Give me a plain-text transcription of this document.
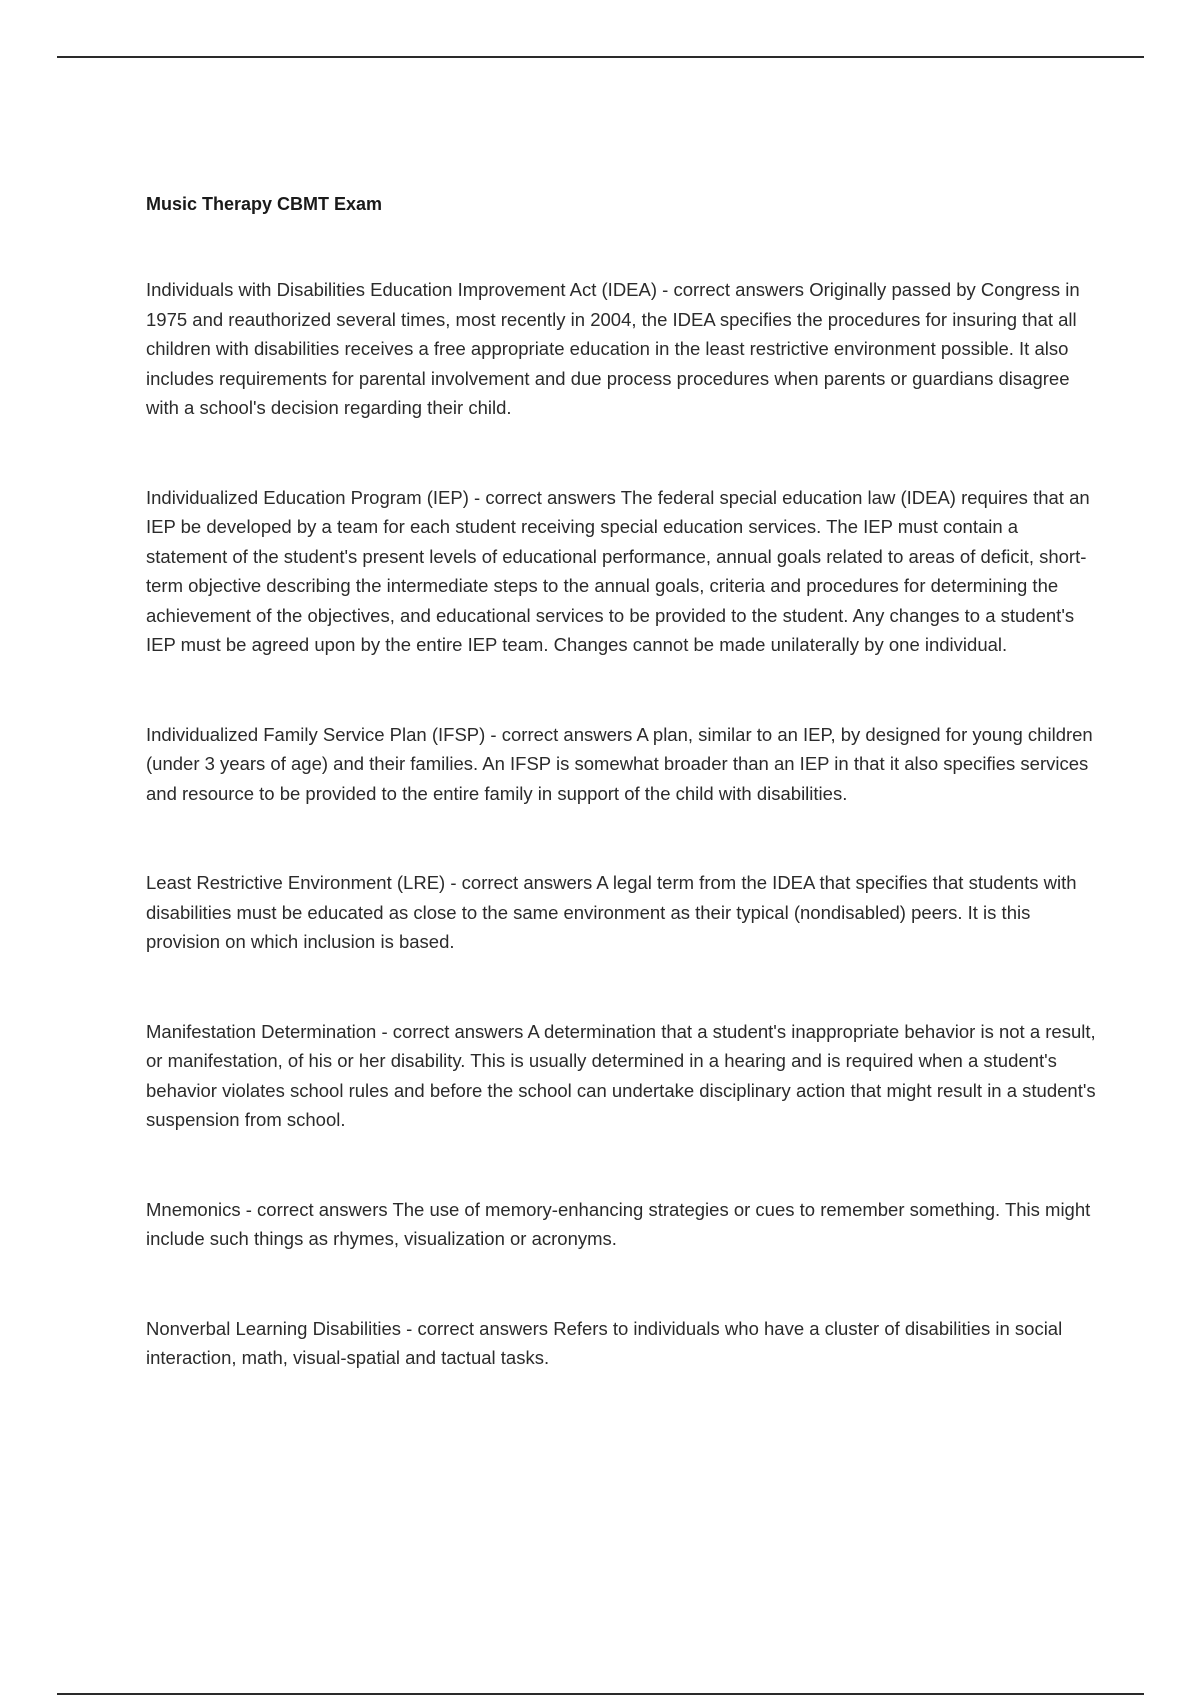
Music Therapy CBMT Exam

Individuals with Disabilities Education Improvement Act (IDEA) - correct answers Originally passed by Congress in 1975 and reauthorized several times, most recently in 2004, the IDEA specifies the procedures for insuring that all children with disabilities receives a free appropriate education in the least restrictive environment possible. It also includes requirements for parental involvement and due process procedures when parents or guardians disagree with a school's decision regarding their child.

Individualized Education Program (IEP) - correct answers The federal special education law (IDEA) requires that an IEP be developed by a team for each student receiving special education services. The IEP must contain a statement of the student's present levels of educational performance, annual goals related to areas of deficit, short-term objective describing the intermediate steps to the annual goals, criteria and procedures for determining the achievement of the objectives, and educational services to be provided to the student. Any changes to a student's IEP must be agreed upon by the entire IEP team. Changes cannot be made unilaterally by one individual.

Individualized Family Service Plan (IFSP) - correct answers A plan, similar to an IEP, by designed for young children (under 3 years of age) and their families. An IFSP is somewhat broader than an IEP in that it also specifies services and resource to be provided to the entire family in support of the child with disabilities.

Least Restrictive Environment (LRE) - correct answers A legal term from the IDEA that specifies that students with disabilities must be educated as close to the same environment as their typical (nondisabled) peers. It is this provision on which inclusion is based.

Manifestation Determination - correct answers A determination that a student's inappropriate behavior is not a result, or manifestation, of his or her disability. This is usually determined in a hearing and is required when a student's behavior violates school rules and before the school can undertake disciplinary action that might result in a student's suspension from school.

Mnemonics - correct answers The use of memory-enhancing strategies or cues to remember something. This might include such things as rhymes, visualization or acronyms.

Nonverbal Learning Disabilities - correct answers Refers to individuals who have a cluster of disabilities in social interaction, math, visual-spatial and tactual tasks.
